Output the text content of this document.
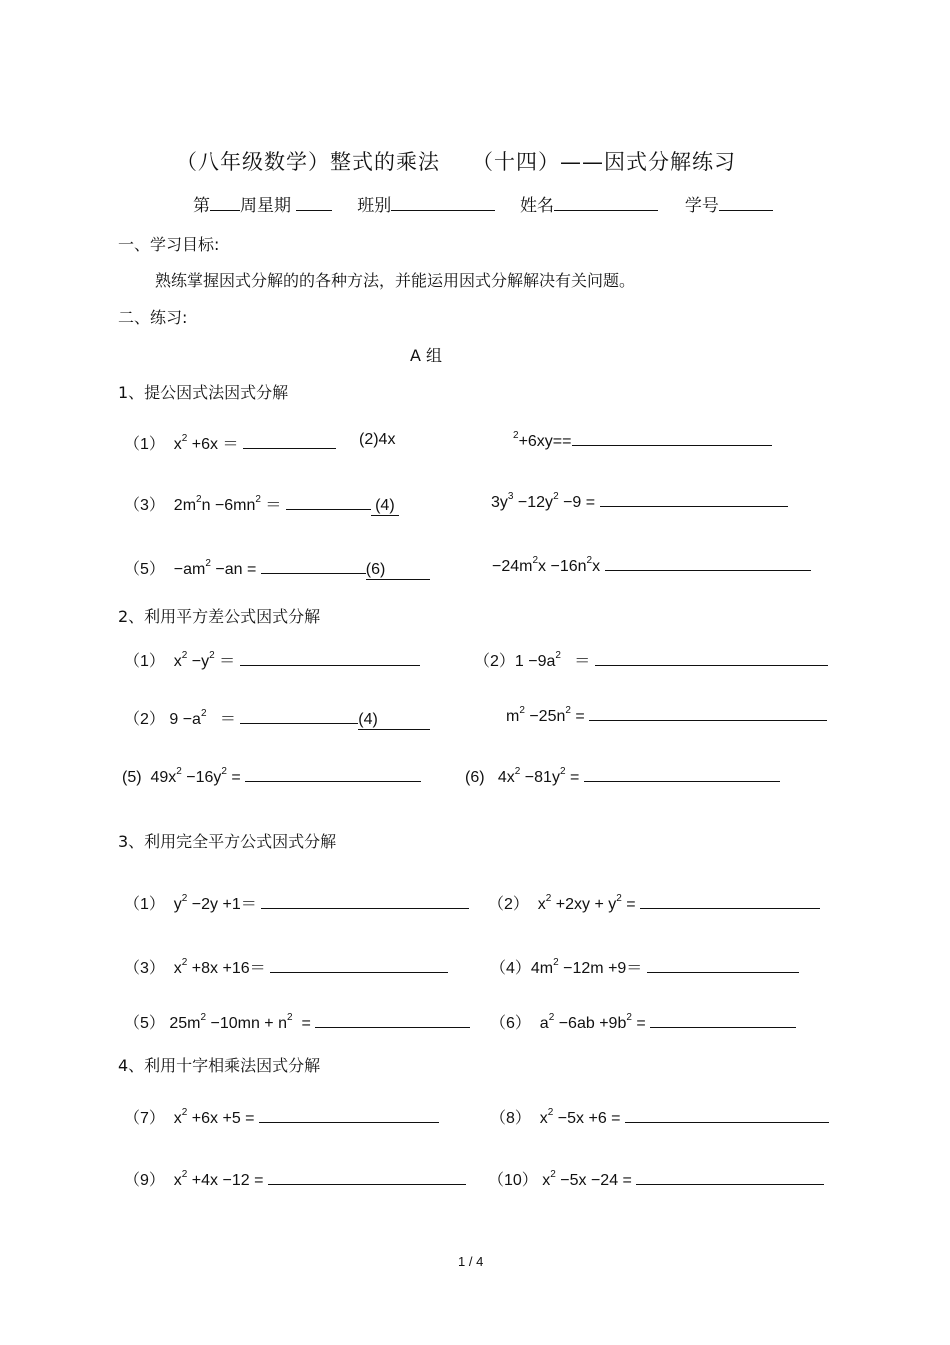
（八年级数学）整式的乘法 （十四）——因式分解练习
第 周星期	班别	姓名	学号
一、学习目标:
熟练掌握因式分解的的各种方法，并能运用因式分解解决有关问题。
二、练习:
A 组
1、提公因式法因式分解
（1）  $x^2 +6x$ ＝	(2)4x	$^2$+6xy==
（3）  $2m^2n -6mn^2$ ＝	(4)	$3y^3 -12y^2 -9$ =
$(5) -am^2 -an$ =	(6)	$-24m^2x -16n^2x$
2、利用平方差公式因式分解
（1）  $x^2 -y^2$ ＝	$(2)1 -9a^2$   ＝
（2） $9 -a^2$   ＝	(4)	$m^2 -25n^2$ =
(5)  $49x^2 -16y^2$ =	(6)   $4x^2 -81y^2$ =
3、利用完全平方公式因式分解
（1）  $y^2 -2y +1=$	（2）  $x^2 +2xy + y^2$ =
（3）  $x^2 +8x +16=$	$(4)4m^2 -12m +9=$
（5） $25m^2 -10mn + n^2$  =	（6）  $a^2 -6ab +9b^2$ =
4、利用十字相乘法因式分解
（7）  $x^2 +6x +5$ =	（8）  $x^2 -5x +6$ =
（9）  $x^2 +4x -12$ =	（10） $x^2 -5x -24$ =
1 / 4
